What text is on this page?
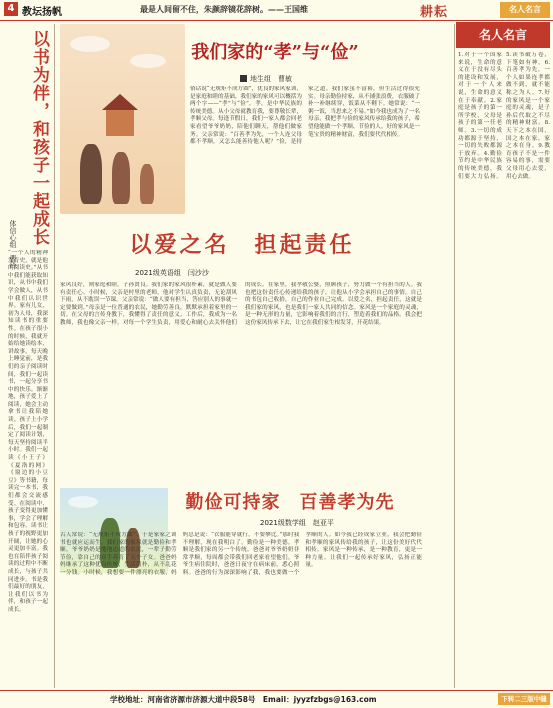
4 教坛扬帆	最是人间留不住，朱颜辞镜花辞树。——王国维	耕耘	名人名言
以书为伴，和孩子一起成长
体信心组　曹玲
“一个人的精神发育史，就是他的阅读史。”从书中我们能获取知识，从书中我们学会做人，从书中我们认识世界。家有儿女，初为人母，我深知读书的重要性。在孩子很小的时候，我就开始给她读绘本，讲故事。每天晚上睡觉前，是我们的亲子阅读时间，我们一起读书，一起分享书中的快乐。渐渐地，孩子爱上了阅读，她会主动拿书让我陪她读。孩子上小学后，我们一起制定了阅读计划，每天坚持阅读半小时。我们一起读《小王子》《夏洛的网》《窗边的小豆豆》等书籍，每读完一本书，我们都会交流感受。在阅读中，孩子变得更加懂事，学会了理解和包容。读书让孩子的视野更加开阔，让她的心灵更加丰富。我也在陪伴孩子阅读的过程中不断成长，与孩子共同进步。书是我们最好的朋友，让我们以书为伴，和孩子一起成长。
我们家的“孝”与“俭”
地生组　曹敏
俗话说“无规矩不成方圆”，优良的家风家训，是家庭和睦的基础。我们家的家风可以概括为两个字——“孝”与“俭”。孝，是中华民族的传统美德。从小父母就教育我，要尊敬长辈，孝顺父母。每逢节假日，我们一家人都会回老家看望爷爷奶奶，陪他们聊天，帮他们做家务。父亲常说：“百善孝为先，一个人连父母都不孝顺，又怎么能善待他人呢？”俭，是持家之道。我们家虽不富裕，但生活过得很充实。母亲勤俭持家，从不铺张浪费，衣服破了补一补继续穿，饭菜从不剩下。她常说：“一粥一饭，当思来之不易。”如今我也成为了一名母亲，我把孝与俭的家风传承给我的孩子，希望他能做一个孝顺、节俭的人。好的家风是一笔宝贵的精神财富，我们要代代相传。
以爱之名　担起责任
2021级英语组　闫沙沙
家风良好，则家庭和睦，子孙贤良。我们家的家风很朴素，就是做人要有责任心。小时候，父亲是村里的老师，他对学生认真负责，无论刮风下雨，从不耽误一节课。父亲常说：“做人要有担当，答应别人的事就一定要做到。”母亲是一位普通的农民，她勤劳善良，默默承担着家里的一切。在父母的言传身教下，我懂得了责任的意义。工作后，我成为一名教师，我也像父亲一样，对每一个学生负责，用爱心和耐心去关怀他们的成长。在家里，我孝敬公婆，照顾孩子，努力做一个有担当的人。我也把这份责任心传递给我的孩子，让他从小学会承担自己的事情，自己的书包自己收拾，自己的作业自己完成。以爱之名，担起责任，这就是我们家的家风，也是我们一家人共同的信念。家风是一个家庭的灵魂，是一种无形的力量，它影响着我们的言行，塑造着我们的品格。我会把这份家风传承下去，让它在我们家生根发芽，开花结果。
勤俭可持家　百善孝为先
2021级数学组　赵亚平
古人常说：“无规矩不成方圆”，于是家家之训书也就应运而生。我们家的家风就是勤俭和孝顺。爷爷奶奶是地地道道的农民，一辈子勤劳节俭，靠自己的双手养育了五个子女。爸爸妈妈继承了这种优良传统，生活简朴，从不乱花一分钱。小时候，我想要一件漂亮的衣服，妈妈总是说：“衣服能穿就行，不要攀比。”那时我不理解，现在我明白了，勤俭是一种美德。孝顺是我们家的另一个传统。爸爸对爷爷奶奶非常孝顺，每周都会带我们回老家看望他们。爷爷生病住院时，爸爸日夜守在病床前，悉心照料。爸爸的行为深深影响了我，我也要做一个孝顺的人。如今我已经成家立业，我会把勤俭和孝顺的家风传给我的孩子，让这份美好代代相传。家风是一种传承，是一种教育，更是一种力量。让我们一起传承好家风，弘扬正能量。
名人名言
1.对于一个国家来说，生命的意义在于没有尽头的建设和发展，对于一个人来说，生命的意义在于奉献。2.家庭是孩子的第一所学校，父母是孩子的第一任老师。3.一切的成功都源于坚持，一切的失败都源于放弃。4.勤俭节约是中华民族的传统美德，我们要大力弘扬。5.读书破万卷，下笔如有神。6.百善孝为先，一个人如果连孝都做不到，就不能称之为人。7.好的家风是一个家庭的灵魂，是子孙后代取之不尽的精神财富。8.天下之本在国，国之本在家，家之本在身。9.教育孩子不是一件容易的事，需要父母用心去爱，用心去做。
学校地址：河南省济源市济源大道中段58号　Email：jyyzfzbgs@163.com	下转二三版中缝
